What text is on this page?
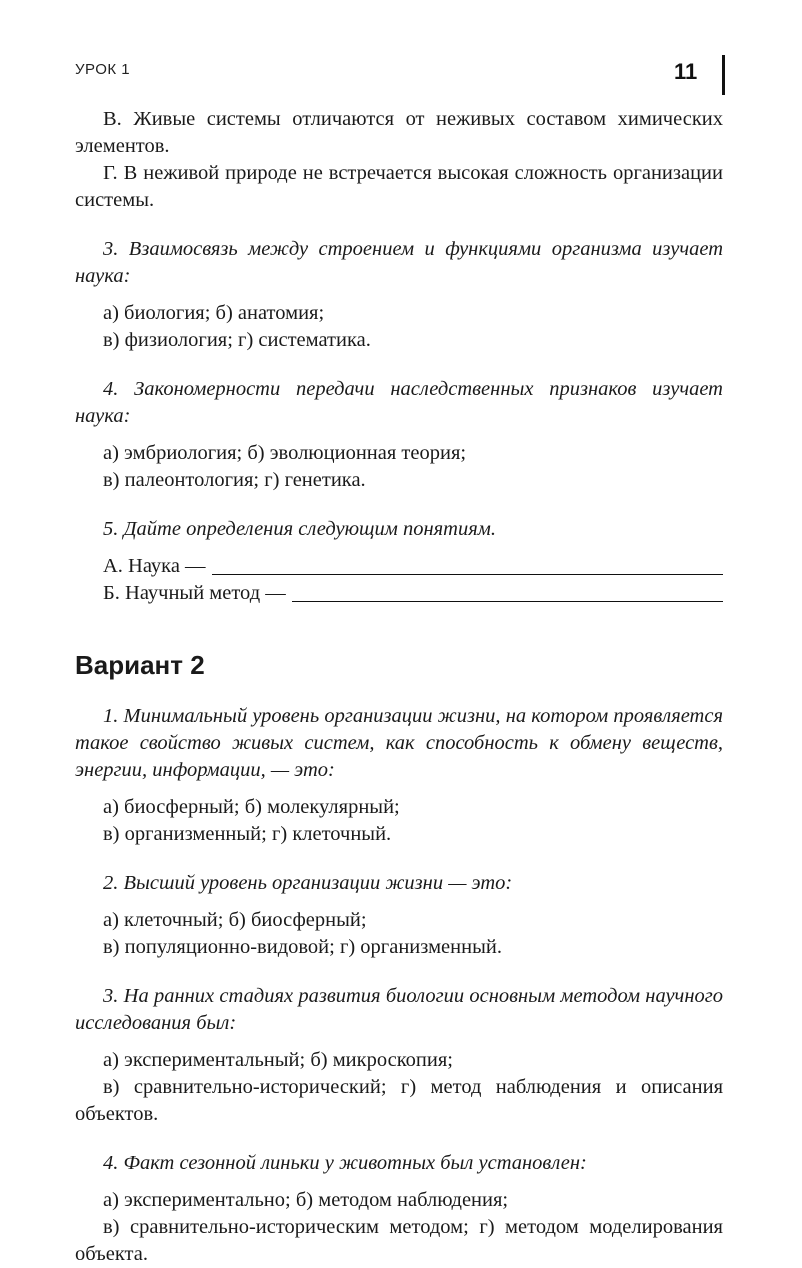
УРОК 1	11

В. Живые системы отличаются от неживых составом химических элементов.

Г. В неживой природе не встречается высокая сложность организации системы.

3. Взаимосвязь между строением и функциями организма изучает наука:

а) биология; б) анатомия;

в) физиология; г) систематика.

4. Закономерности передачи наследственных признаков изучает наука:

а) эмбриология; б) эволюционная теория;

в) палеонтология; г) генетика.

5. Дайте определения следующим понятиям.

А. Наука —
Б. Научный метод —
Вариант 2

1. Минимальный уровень организации жизни, на котором проявляется такое свойство живых систем, как способность к обмену веществ, энергии, информации, — это:

а) биосферный; б) молекулярный;

в) организменный; г) клеточный.

2. Высший уровень организации жизни — это:

а) клеточный; б) биосферный;

в) популяционно-видовой; г) организменный.

3. На ранних стадиях развития биологии основным методом научного исследования был:

а) экспериментальный; б) микроскопия;

в) сравнительно-исторический; г) метод наблюдения и описания объектов.

4. Факт сезонной линьки у животных был установлен:

а) экспериментально; б) методом наблюдения;

в) сравнительно-историческим методом; г) методом моделирования объекта.
